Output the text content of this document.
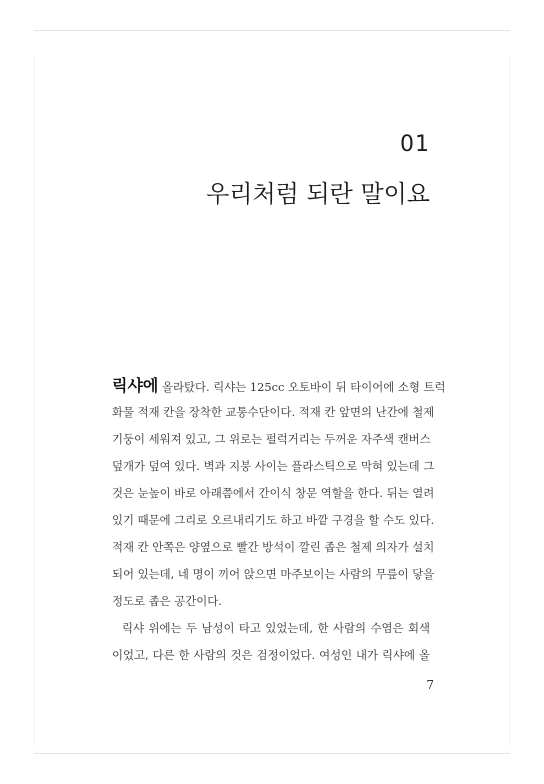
01
우리처럼 되란 말이요
릭샤에 올라탔다. 릭샤는 125cc 오토바이 뒤 타이어에 소형 트럭
화물 적재 칸을 장착한 교통수단이다. 적재 칸 앞면의 난간에 철제
기둥이 세워져 있고, 그 위로는 펄럭거리는 두꺼운 자주색 캔버스
덮개가 덮여 있다. 벽과 지붕 사이는 플라스틱으로 막혀 있는데 그
것은 눈높이 바로 아래쯤에서 간이식 창문 역할을 한다. 뒤는 열려
있기 때문에 그리로 오르내리기도 하고 바깥 구경을 할 수도 있다.
적재 칸 안쪽은 양옆으로 빨간 방석이 깔린 좁은 철제 의자가 설치
되어 있는데, 네 명이 끼어 앉으면 마주보이는 사람의 무릎이 닿을
정도로 좁은 공간이다.
릭샤 위에는 두 남성이 타고 있었는데, 한 사람의 수염은 회색
이었고, 다른 한 사람의 것은 검정이었다. 여성인 내가 릭샤에 올
7
